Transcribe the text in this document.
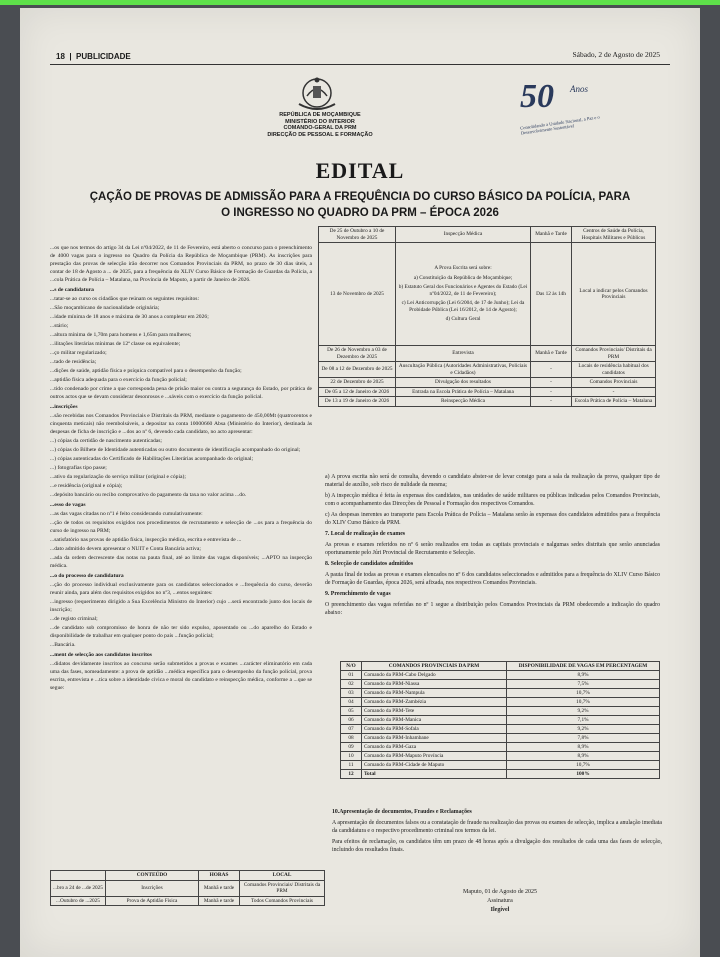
18  |  PUBLICIDADE	Sábado, 2 de Agosto de 2025
REPÚBLICA DE MOÇAMBIQUE
MINISTÉRIO DO INTERIOR
COMANDO-GERAL DA PRM
DIRECÇÃO DE PESSOAL E FORMAÇÃO
50 Anos
Consolidando a Unidade Nacional, a Paz e o Desenvolvimento Sustentável
EDITAL
ÇAÇÃO DE PROVAS DE ADMISSÃO PARA A FREQUÊNCIA DO CURSO BÁSICO DA POLÍCIA, PARA
O INGRESSO NO QUADRO DA PRM – ÉPOCA 2026

...os que nos termos do artigo 34 da Lei nº04/2022, de 11 de Fevereiro, está aberto o concurso para o preenchimento de 4000 vagas para o ingresso no Quadro da Polícia da República de Moçambique (PRM). As inscrições para prestação das provas de selecção irão decorrer nos Comandos Provinciais da PRM, no prazo de 30 dias úteis, a contar de 18 de Agosto a ... de 2025, para a frequência do XLIV Curso Básico de Formação de Guardas da Polícia, a ...cola Prática de Polícia – Matalana, na Província de Maputo, a partir de Janeiro de 2026.

...s de candidatura

...tatar-se ao curso os cidadãos que reúnam os seguintes requisitos:

...São moçambicano de nacionalidade originária;

...idade mínima de 18 anos e máxima de 30 anos a completar em 2026;

...stário;

...altura mínima de 1,70m para homens e 1,65m para mulheres;

...ilitações literárias mínimas de 12ª classe ou equivalente;

...ço militar regularizado;

...tado de residência;

...dições de saúde, aptidão física e psíquica compatível para o desempenho da função;

...aptidão física adequada para o exercício da função policial;

...tido condenado por crime a que corresponda pena de prisão maior ou contra a segurança do Estado, por prática de outros actos que se devam considerar desonrosos e ...sáveis com o exercício da função policial.

...inscrições

...são recebidas nos Comandos Provinciais e Distritais da PRM, mediante o pagamento de 450,00Mt (quatrocentos e cinquenta meticais) não reembolsáveis, a depositar na conta 10000660 Absa (Ministério do Interior), destinada às despesas de ficha de inscrição e ...dos ao nº 6, devendo cada candidato, no acto apresentar:

...) cópias da certidão de nascimento autenticadas;

...) cópias do Bilhete de Identidade autenticadas ou outro documento de identificação acompanhado do original;

...) cópias autenticadas do Certificado de Habilitações Literárias acompanhado do original;

...) fotografias tipo passe;

...ativo da regularização do serviço militar (original e cópia);

...e residência (original e cópia);

...depósito bancário ou recibo comprovativo do pagamento da taxa no valor acima ...do.

...esso de vagas

...as das vagas citadas no nº1 é feito considerando cumulativamente:

...ção de todos os requisitos exigidos nos procedimentos de recrutamento e selecção de ...os para a frequência do curso de ingresso na PRM;

...satisfatório nas provas de aptidão física, inspecção médica, escrita e entrevista de ...

...dato admitido devem apresentar o NUIT e Conta Bancária activa;

...ada da ordem decrescente das notas na pauta final, até ao limite das vagas disponíveis; ...APTO na inspecção médica.

...o do processo de candidatura

...ção do processo individual exclusivamente para os candidatos seleccionados e ...frequência do curso, deverão reunir ainda, para além dos requisitos exigidos no nº3, ...entos seguintes:

...ingresso (requerimento dirigido a Sua Excelência Ministro do Interior) cujo ...será encontrado junto dos locais de inscrição;

...de registo criminal;

...de candidato sob compromisso de honra de não ter sido expulso, aposentado ou ...do aparelho do Estado e disponibilidade de trabalhar em qualquer ponto do país ...função policial;

...Bancária.

...ment de selecção aos candidatos inscritos

...didatos devidamente inscritos ao concurso serão submetidos a provas e exames ...carácter eliminatório em cada uma das fases, nomeadamente: a prova de aptidão ...médica específica para o desempenho da função policial, prova escrita, entrevista e ...tica sobre a identidade cívica e moral do candidato e reinspecção médica, conforme a ...que se segue:

De 25 de Outubro a 10 de Novembro de 2025	Inspecção Médica	Manhã e Tarde	Centros de Saúde da Polícia, Hospitais Militares e Públicos
13 de Novembro de 2025	A Prova Escrita será sobre:
a) Constituição da República de Moçambique;
b) Estatuto Geral dos Funcionários e Agentes do Estado (Lei nº04/2022, de 11 de Fevereiro);
c) Lei Anticorrupção (Lei 6/2004, de 17 de Junho); Lei da Probidade Pública (Lei 16/2012, de 14 de Agosto);
d) Cultura Geral	Das 12 às 14h	Local a indicar pelos Comandos Provinciais
De 26 de Novembro a 03 de Dezembro de 2025	Entrevista	Manhã e Tarde	Comandos Provinciais/ Distritais da PRM
De 08 a 12 de Dezembro de 2025	Auscultação Pública (Autoridades Administrativas, Policiais e Cidadãos)	-	Locais de residência habitual dos candidatos
22 de Dezembro de 2025	Divulgação dos resultados	-	Comandos Provinciais
De 05 a 12 de Janeiro de 2026	Entrada na Escola Prática de Polícia – Matalana	-	-
De 13 a 19 de Janeiro de 2026	Reinspecção Médica	-	Escola Prática de Polícia – Matalana

a) A prova escrita não será de consulta, devendo o candidato abster-se de levar consigo para a sala da realização da prova, qualquer tipo de material de auxílio, sob risco de nulidade da mesma;

b) A inspecção médica é feita às expensas dos candidatos, nas unidades de saúde militares ou públicas indicadas pelos Comandos Provinciais, com o acompanhamento das Direcções de Pessoal e Formação dos respectivos Comandos.

c) As despesas inerentes ao transporte para Escola Prática de Polícia – Matalana serão às expensas dos candidatos admitidos para a frequência do XLIV Curso Básico da PRM.

7. Local de realização de exames

As provas e exames referidos no nº 6 serão realizados em todas as capitais provinciais e nalgumas sedes distritais que serão anunciadas oportunamente pelo Júri Provincial de Recrutamento e Selecção.

8. Selecção de candidatos admitidos

A pauta final de todas as provas e exames elencados no nº 6 dos candidatos seleccionados e admitidos para a frequência do XLIV Curso Básico de Formação de Guardas, época 2026, será afixada, nos respectivos Comandos Provinciais.

9. Preenchimento de vagas

O preenchimento das vagas referidas no nº 1 segue a distribuição pelos Comandos Provinciais da PRM obedecendo a indicação do quadro abaixo:

N/O	COMANDOS PROVINCIAIS DA PRM	DISPONIBILIDADE DE VAGAS EM PERCENTAGEM
01	Comando da PRM-Cabo Delgado	8,9%
02	Comando da PRM-Niassa	7,5%
03	Comando da PRM-Nampula	10,7%
04	Comando da PRM-Zambézia	10,7%
05	Comando da PRM-Tete	9,2%
06	Comando da PRM-Manica	7,1%
07	Comando da PRM-Sofala	9,2%
08	Comando da PRM-Inhambane	7,8%
09	Comando da PRM-Gaza	8,9%
10	Comando da PRM-Maputo Província	8,9%
11	Comando da PRM-Cidade de Maputo	10,7%
12	Total	100%

10.Apresentação de documentos, Fraudes e Reclamações

A apresentação de documentos falsos ou a constatação de fraude na realização das provas ou exames de selecção, implica a anulação imediata da candidatura e o respectivo procedimento criminal nos termos da lei.

Para efeitos de reclamação, os candidatos têm um prazo de 48 horas após a divulgação dos resultados de cada uma das fases de selecção, incluindo dos resultados finais.

Maputo, 01 de Agosto de 2025
Assinatura
Ilegível
	CONTEÚDO	HORAS	LOCAL
...bro a 24 de ...de 2025	Inscrições	Manhã e tarde	Comandos Provinciais/ Distritais da PRM
...Outubro de ...2025	Prova de Aptidão Física	Manhã e tarde	Todos Comandos Provinciais
